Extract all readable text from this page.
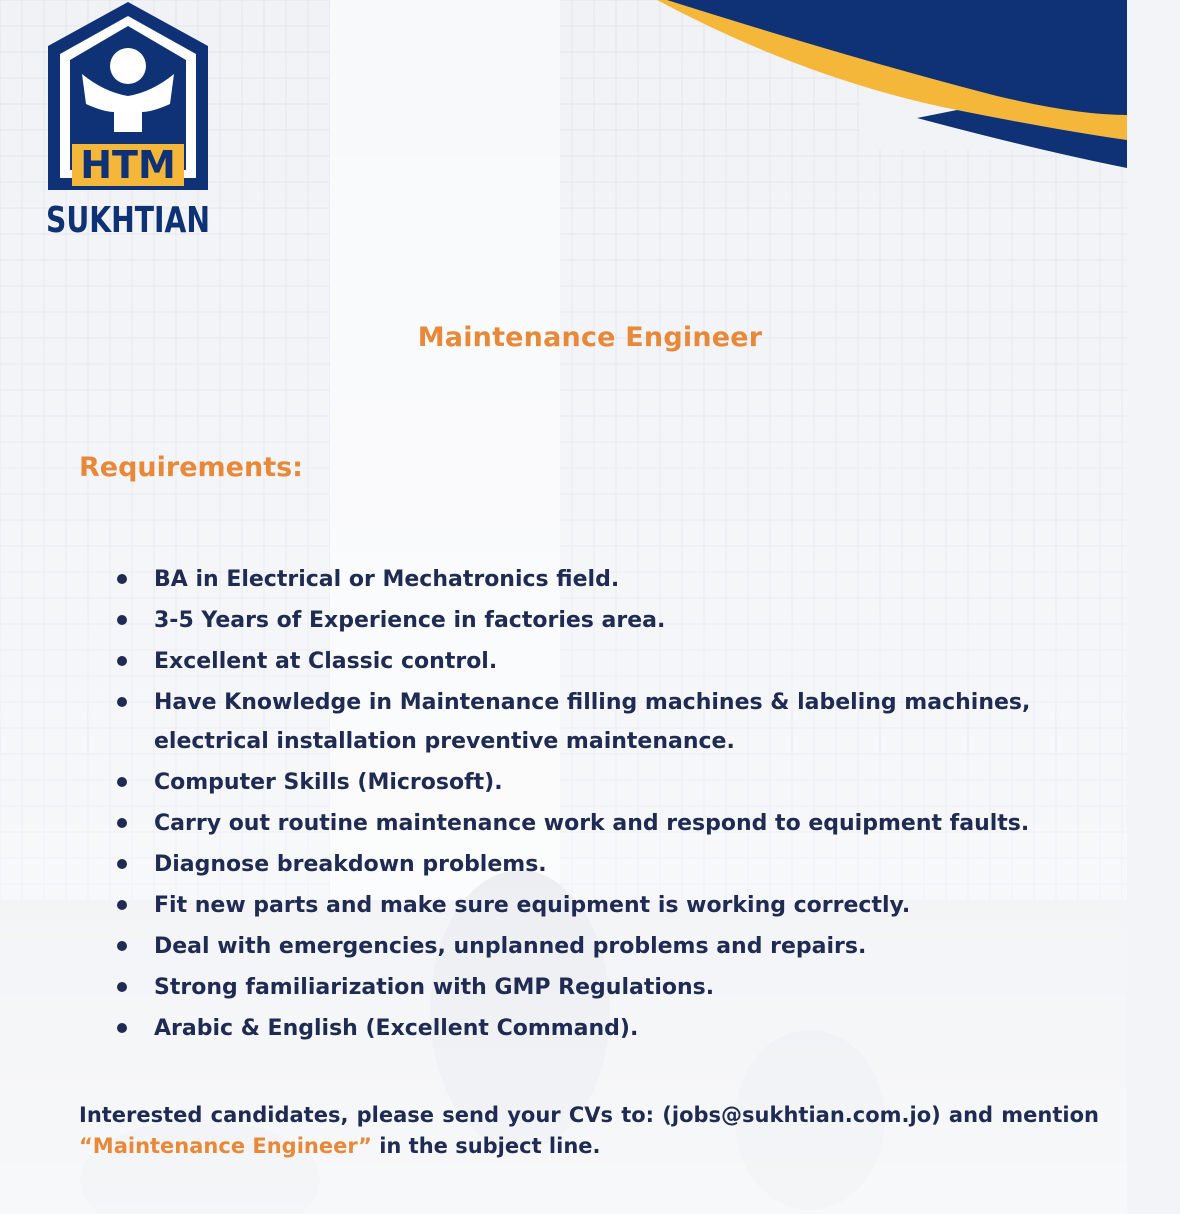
HTM
SUKHTIAN
Maintenance Engineer
Requirements:
BA in Electrical or Mechatronics field.
3-5 Years of Experience in factories area.
Excellent at Classic control.
Have Knowledge in Maintenance filling machines & labeling machines, electrical installation preventive maintenance.
Computer Skills (Microsoft).
Carry out routine maintenance work and respond to equipment faults.
Diagnose breakdown problems.
Fit new parts and make sure equipment is working correctly.
Deal with emergencies, unplanned problems and repairs.
Strong familiarization with GMP Regulations.
Arabic & English (Excellent Command).
Interested candidates, please send your CVs to: (jobs@sukhtian.com.jo) and mention
“Maintenance Engineer” in the subject line.
